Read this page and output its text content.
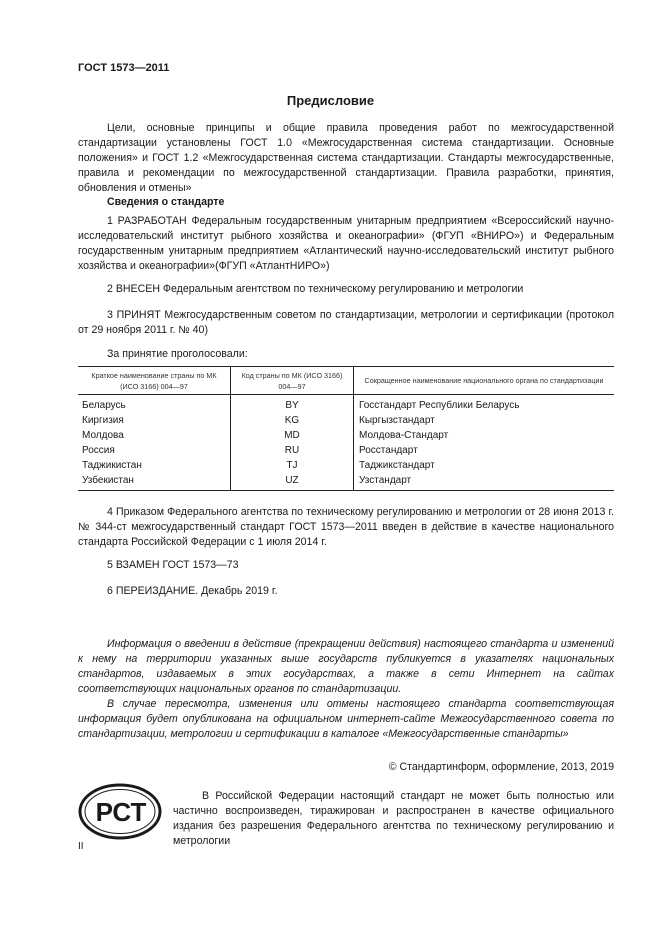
ГОСТ 1573—2011
Предисловие

Цели, основные принципы и общие правила проведения работ по межгосударственной стандартизации установлены ГОСТ 1.0 «Межгосударственная система стандартизации. Основные положения» и ГОСТ 1.2 «Межгосударственная система стандартизации. Стандарты межгосударственные, правила и рекомендации по межгосударственной стандартизации. Правила разработки, принятия, обновления и отмены»

Сведения о стандарте

1 РАЗРАБОТАН Федеральным государственным унитарным предприятием «Всероссийский научно-исследовательский институт рыбного хозяйства и океанографии» (ФГУП «ВНИРО») и Федеральным государственным унитарным предприятием «Атлантический научно-исследовательский институт рыбного хозяйства и океанографии»(ФГУП «АтлантНИРО»)

2 ВНЕСЕН Федеральным агентством по техническому регулированию и метрологии

3 ПРИНЯТ Межгосударственным советом по стандартизации, метрологии и сертификации (протокол от 29 ноября 2011 г. № 40)

За принятие проголосовали:
Краткое наименование страны по МК (ИСО 3166) 004—97	Код страны по МК (ИСО 3166) 004—97	Сокращенное наименование национального органа по стандартизации
Беларусь	BY	Госстандарт Республики Беларусь
Киргизия	KG	Кыргызстандарт
Молдова	MD	Молдова-Стандарт
Россия	RU	Росстандарт
Таджикистан	TJ	Таджикстандарт
Узбекистан	UZ	Узстандарт

4 Приказом Федерального агентства по техническому регулированию и метрологии от 28 июня 2013 г. № 344-ст межгосударственный стандарт ГОСТ 1573—2011 введен в действие в качестве национального стандарта Российской Федерации с 1 июля 2014 г.

5 ВЗАМЕН ГОСТ 1573—73
6 ПЕРЕИЗДАНИЕ. Декабрь 2019 г.

Информация о введении в действие (прекращении действия) настоящего стандарта и изменений к нему на территории указанных выше государств публикуется в указателях национальных стандартов, издаваемых в этих государствах, а также в сети Интернет на сайтах соответствующих национальных органов по стандартизации.

В случае пересмотра, изменения или отмены настоящего стандарта соответствующая информация будет опубликована на официальном интернет-сайте Межгосударственного совета по стандартизации, метрологии и сертификации в каталоге «Межгосударственные стандарты»

© Стандартинформ, оформление, 2013, 2019
РСТ

В Российской Федерации настоящий стандарт не может быть полностью или частично воспроизведен, тиражирован и распространен в качестве официального издания без разрешения Федерального агентства по техническому регулированию и метрологии

II
